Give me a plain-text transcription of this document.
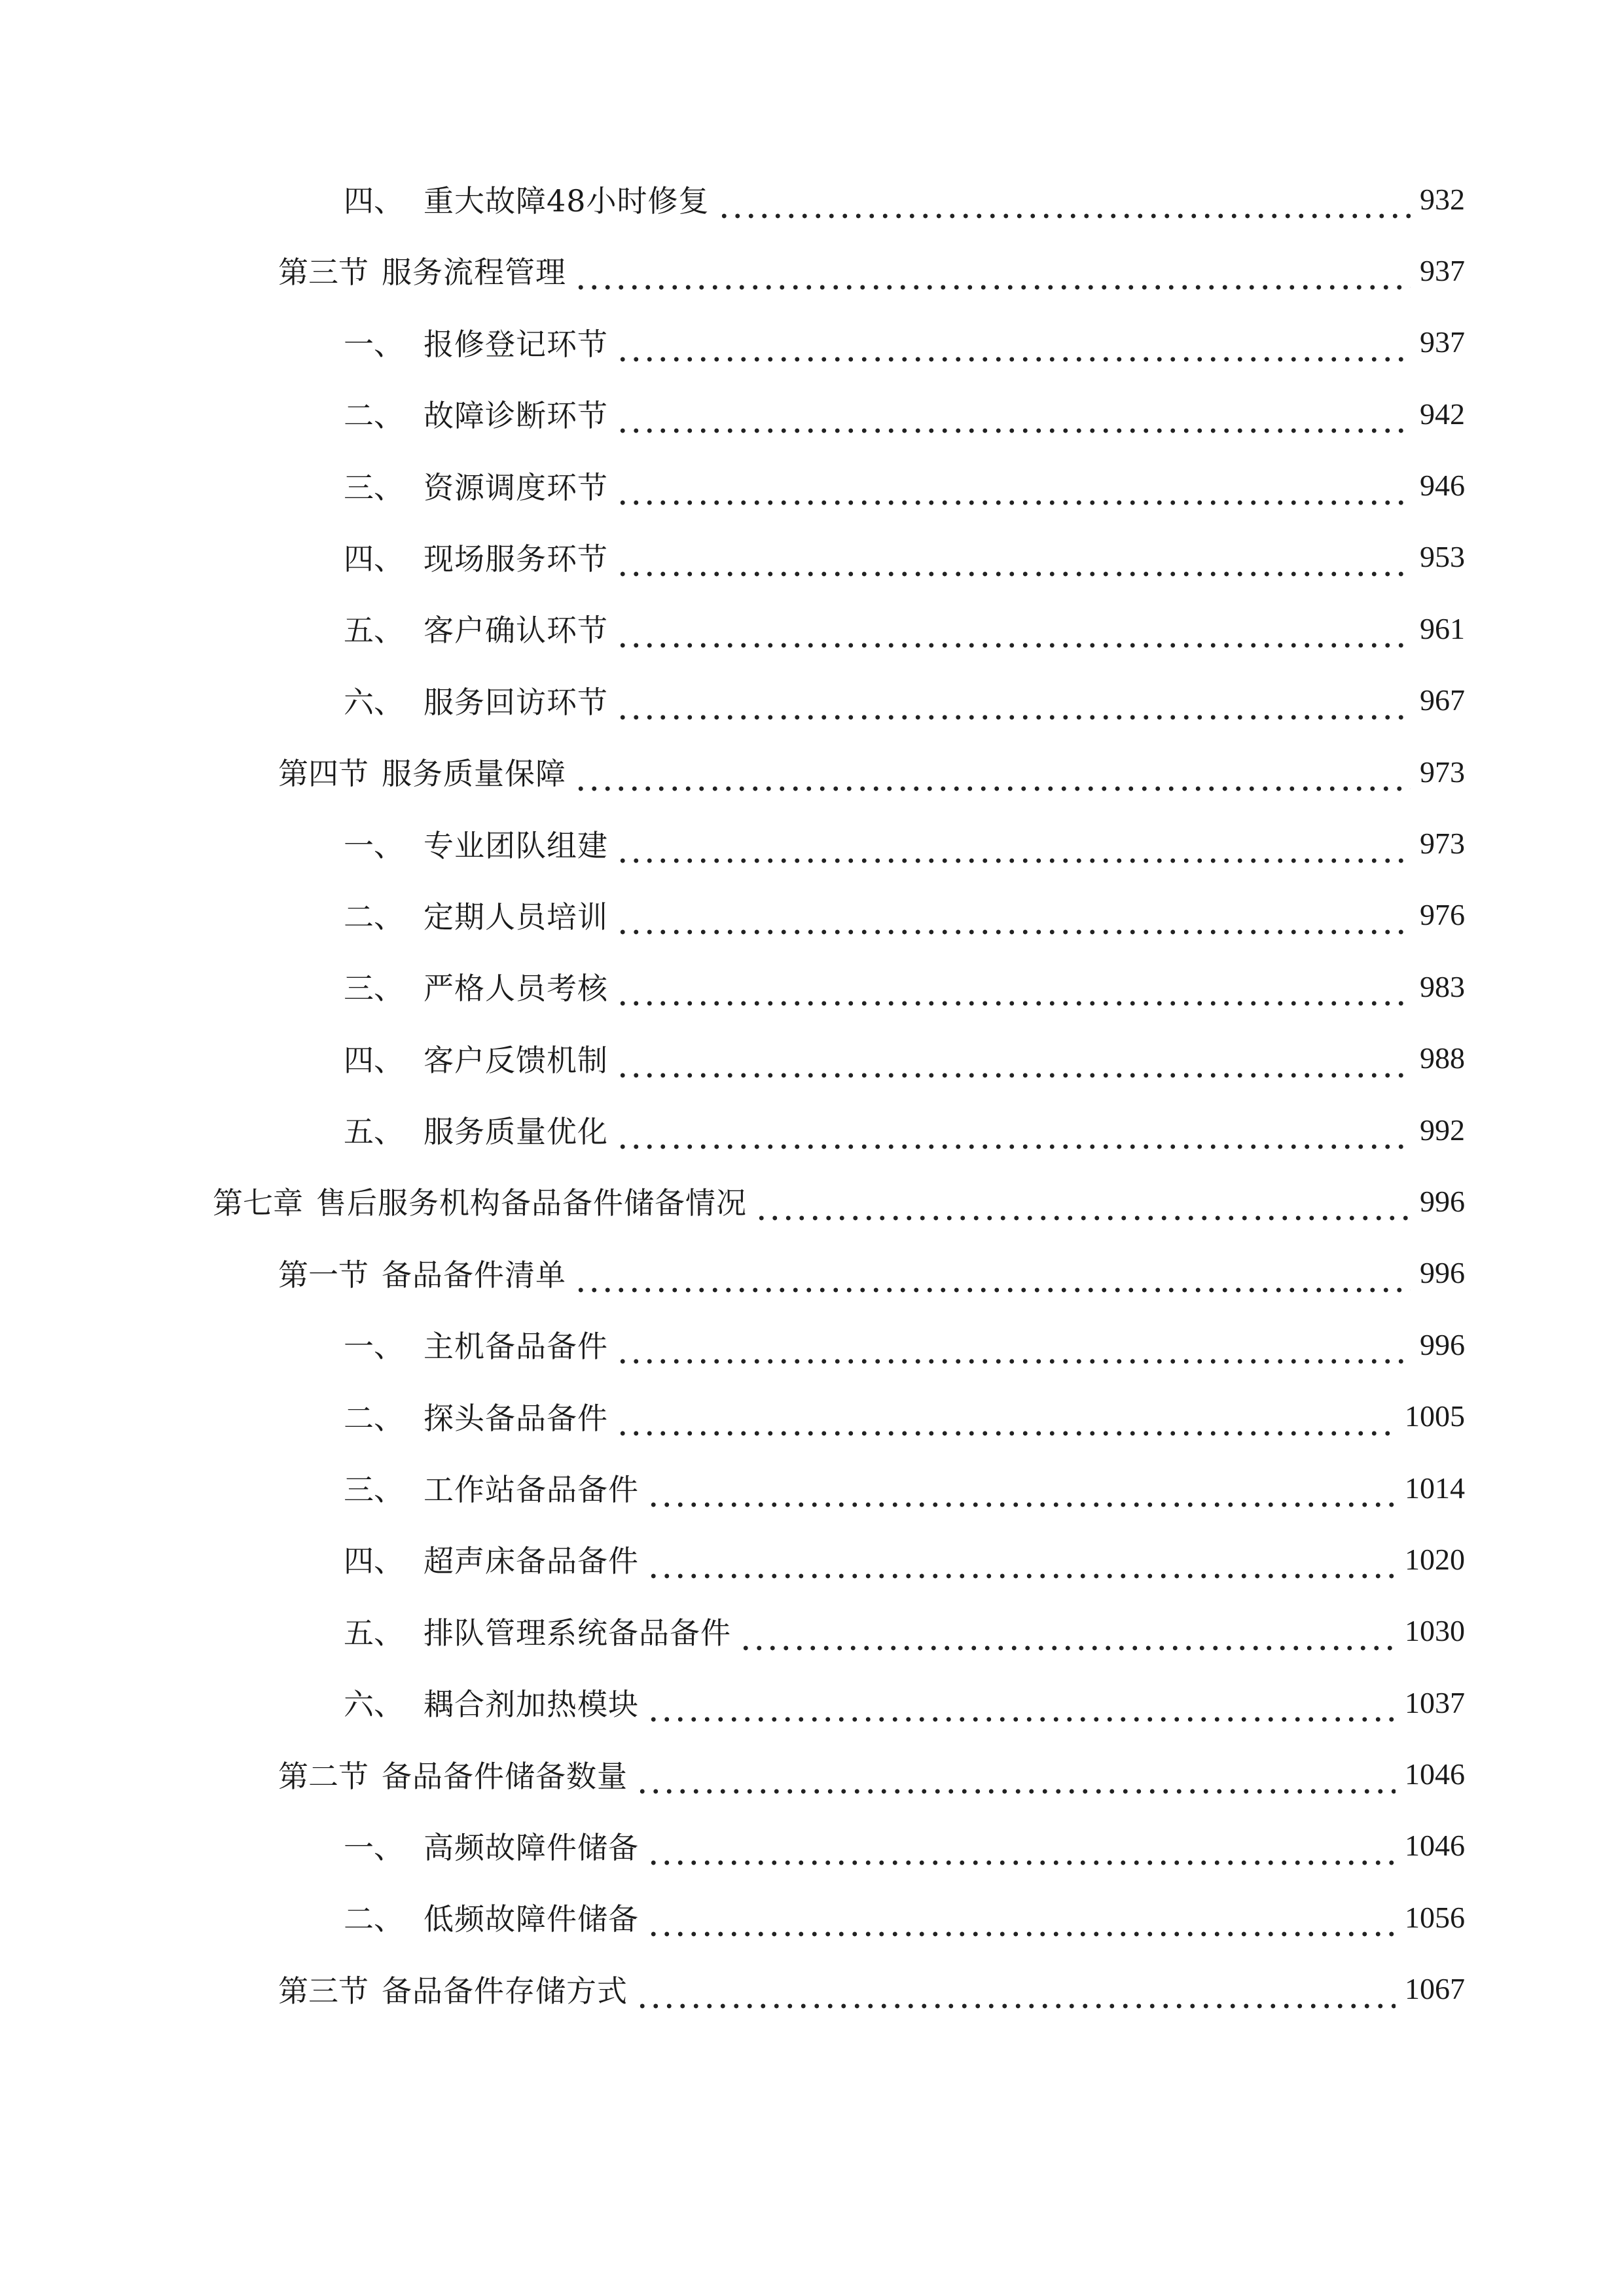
四、 重大故障48小时修复	932
第三节 服务流程管理	937
一、 报修登记环节	937
二、 故障诊断环节	942
三、 资源调度环节	946
四、 现场服务环节	953
五、 客户确认环节	961
六、 服务回访环节	967
第四节 服务质量保障	973
一、 专业团队组建	973
二、 定期人员培训	976
三、 严格人员考核	983
四、 客户反馈机制	988
五、 服务质量优化	992
第七章 售后服务机构备品备件储备情况	996
第一节 备品备件清单	996
一、 主机备品备件	996
二、 探头备品备件	1005
三、 工作站备品备件	1014
四、 超声床备品备件	1020
五、 排队管理系统备品备件	1030
六、 耦合剂加热模块	1037
第二节 备品备件储备数量	1046
一、 高频故障件储备	1046
二、 低频故障件储备	1056
第三节 备品备件存储方式	1067
